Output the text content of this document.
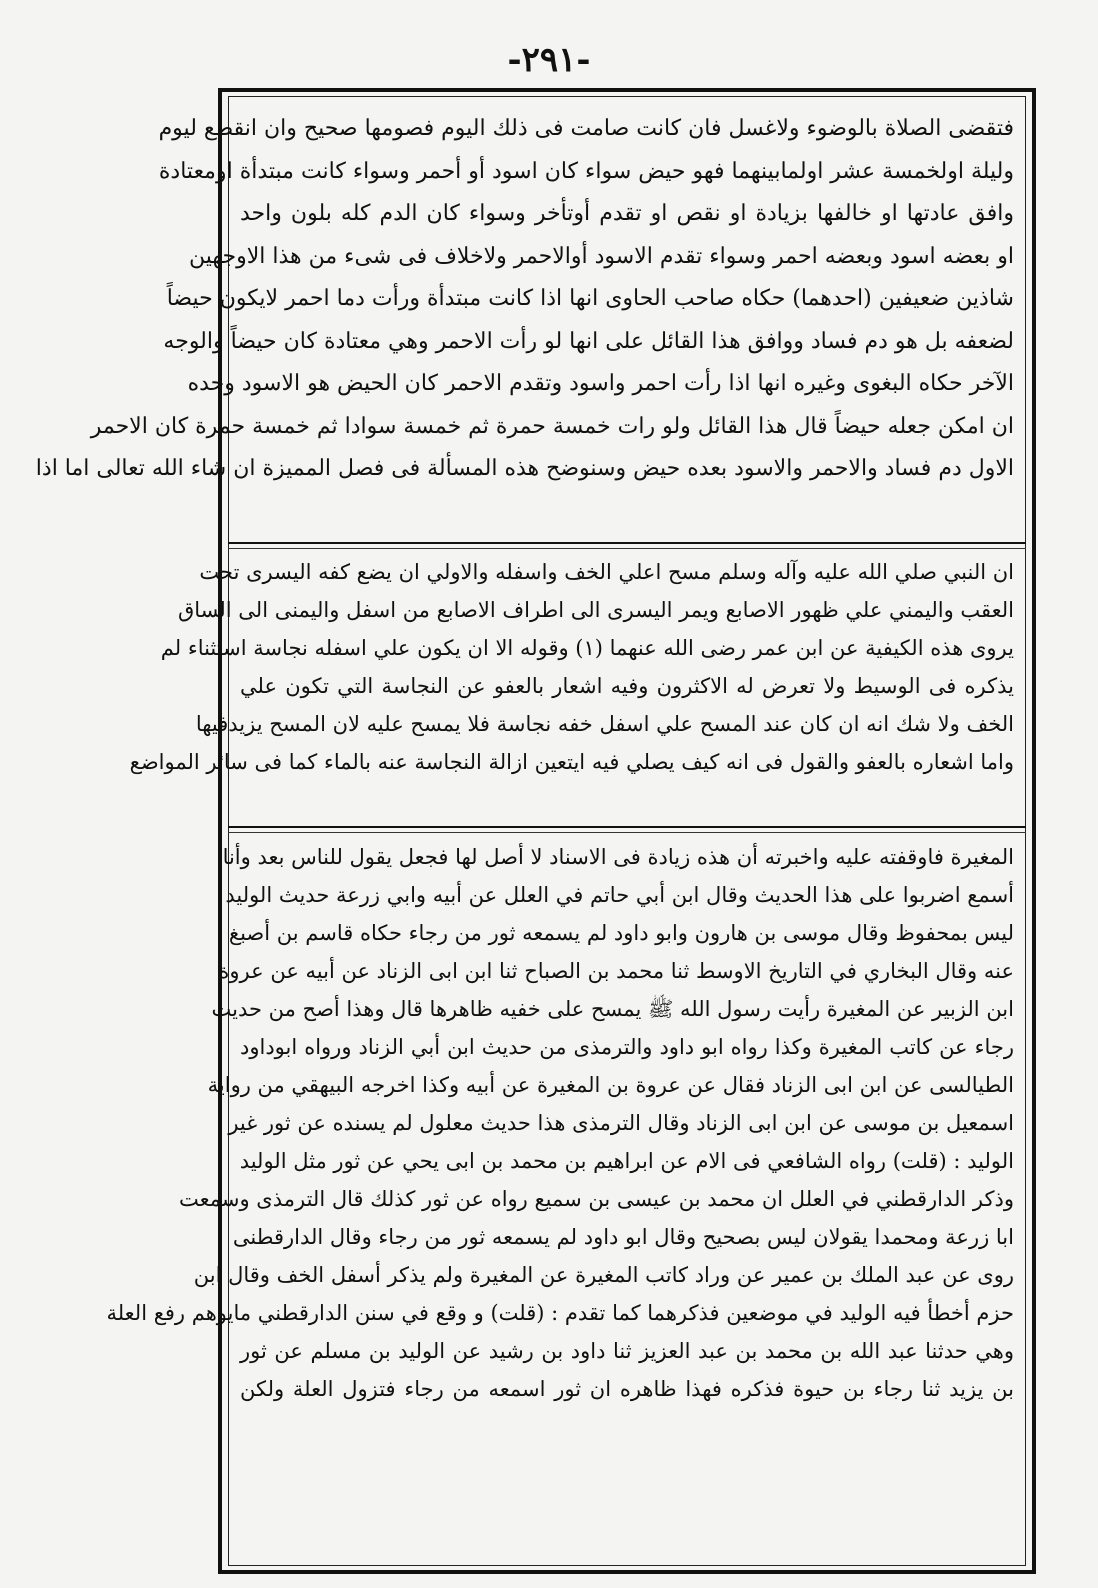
-٢٩١-
فتقضى الصلاة بالوضوء ولاغسل فان كانت صامت فى ذلك اليوم فصومها صحيح وان انقطع ليوم
وليلة اولخمسة عشر اولمابينهما فهو حيض سواء كان اسود أو أحمر وسواء كانت مبتدأة اومعتادة
وافق عادتها او خالفها بزيادة او نقص او تقدم أوتأخر وسواء كان الدم كله بلون واحد
او بعضه اسود وبعضه احمر وسواء تقدم الاسود أوالاحمر ولاخلاف فى شىء من هذا الاوجهين
شاذين ضعيفين (احدهما) حكاه صاحب الحاوى انها اذا كانت مبتدأة ورأت دما احمر لايكون حيضاً
لضعفه بل هو دم فساد ووافق هذا القائل على انها لو رأت الاحمر وهي معتادة كان حيضاً والوجه
الآخر حكاه البغوى وغيره انها اذا رأت احمر واسود وتقدم الاحمر كان الحيض هو الاسود وحده
ان امكن جعله حيضاً قال هذا القائل ولو رات خمسة حمرة ثم خمسة سوادا ثم خمسة حمرة كان الاحمر
الاول دم فساد والاحمر والاسود بعده حيض وسنوضح هذه المسألة فى فصل المميزة ان شاء الله تعالى اما اذا
ان النبي صلي الله عليه وآله وسلم مسح اعلي الخف واسفله والاولي ان يضع كفه اليسرى تحت
العقب واليمني علي ظهور الاصابع ويمر اليسرى الى اطراف الاصابع من اسفل واليمنى الى الساق
يروى هذه الكيفية عن ابن عمر رضى الله عنهما (١) وقوله الا ان يكون علي اسفله نجاسة استثناء لم
يذكره فى الوسيط ولا تعرض له الاكثرون وفيه اشعار بالعفو عن النجاسة التي تكون علي
الخف ولا شك انه ان كان عند المسح علي اسفل خفه نجاسة فلا يمسح عليه لان المسح يزيدفيها
واما اشعاره بالعفو والقول فى انه كيف يصلي فيه ايتعين ازالة النجاسة عنه بالماء كما فى سائر المواضع
المغيرة فاوقفته عليه واخبرته أن هذه زيادة فى الاسناد لا أصل لها فجعل يقول للناس بعد وأنا
أسمع اضربوا على هذا الحديث وقال ابن أبي حاتم في العلل عن أبيه وابي زرعة حديث الوليد
ليس بمحفوظ وقال موسى بن هارون وابو داود لم يسمعه ثور من رجاء حكاه قاسم بن أصبغ
عنه وقال البخاري في التاريخ الاوسط ثنا محمد بن الصباح ثنا ابن ابى الزناد عن أبيه عن عروة
ابن الزبير عن المغيرة رأيت رسول الله ﷺ يمسح على خفيه ظاهرها قال وهذا أصح من حديث
رجاء عن كاتب المغيرة وكذا رواه ابو داود والترمذى من حديث ابن أبي الزناد ورواه ابوداود
الطيالسى عن ابن ابى الزناد فقال عن عروة بن المغيرة عن أبيه وكذا اخرجه البيهقي من رواية
اسمعيل بن موسى عن ابن ابى الزناد وقال الترمذى هذا حديث معلول لم يسنده عن ثور غير
الوليد : (قلت) رواه الشافعي فى الام عن ابراهيم بن محمد بن ابى يحي عن ثور مثل الوليد
وذكر الدارقطني في العلل ان محمد بن عيسى بن سميع رواه عن ثور كذلك قال الترمذى وسمعت
ابا زرعة ومحمدا يقولان ليس بصحيح وقال ابو داود لم يسمعه ثور من رجاء وقال الدارقطنى
روى عن عبد الملك بن عمير عن وراد كاتب المغيرة عن المغيرة ولم يذكر أسفل الخف وقال ابن
حزم أخطأ فيه الوليد في موضعين فذكرهما كما تقدم : (قلت) و وقع في سنن الدارقطني مايوهم رفع العلة
وهي حدثنا عبد الله بن محمد بن عبد العزيز ثنا داود بن رشيد عن الوليد بن مسلم عن ثور
بن يزيد ثنا رجاء بن حيوة فذكره فهذا ظاهره ان ثور اسمعه من رجاء فتزول العلة ولكن
